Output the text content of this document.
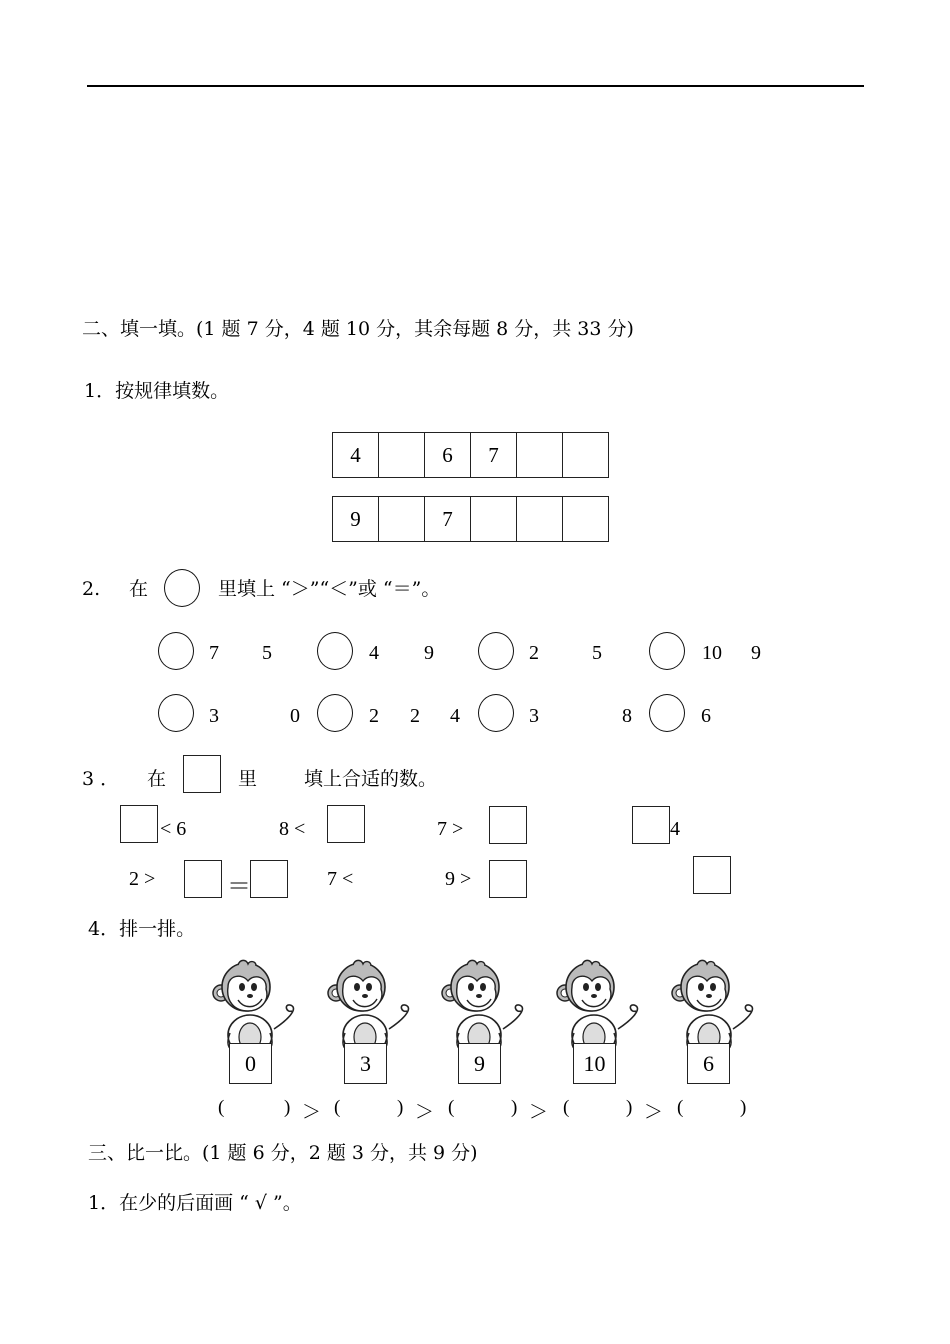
二、填一填。(1 题 7 分，4 题 10 分，其余每题 8 分，共 33 分)
1．按规律填数。
4		6	7		
9		7			
2. 在	里填上 “＞”“＜”或 “＝”。
7 5	4 9	2	5	10 9
3	0	2 2 4	3	8	6
3 ． 在	里 填上合适的数。
< 6	8 <	7 >	4
2 >	＝	7 <	9 >
4．排一排。
0	3	9	10	6
(	) ＞ (	) ＞ (	) ＞ (	) ＞ (	)
三、比一比。(1 题 6 分，2 题 3 分，共 9 分)
1．在少的后面画 “ √ ”。
